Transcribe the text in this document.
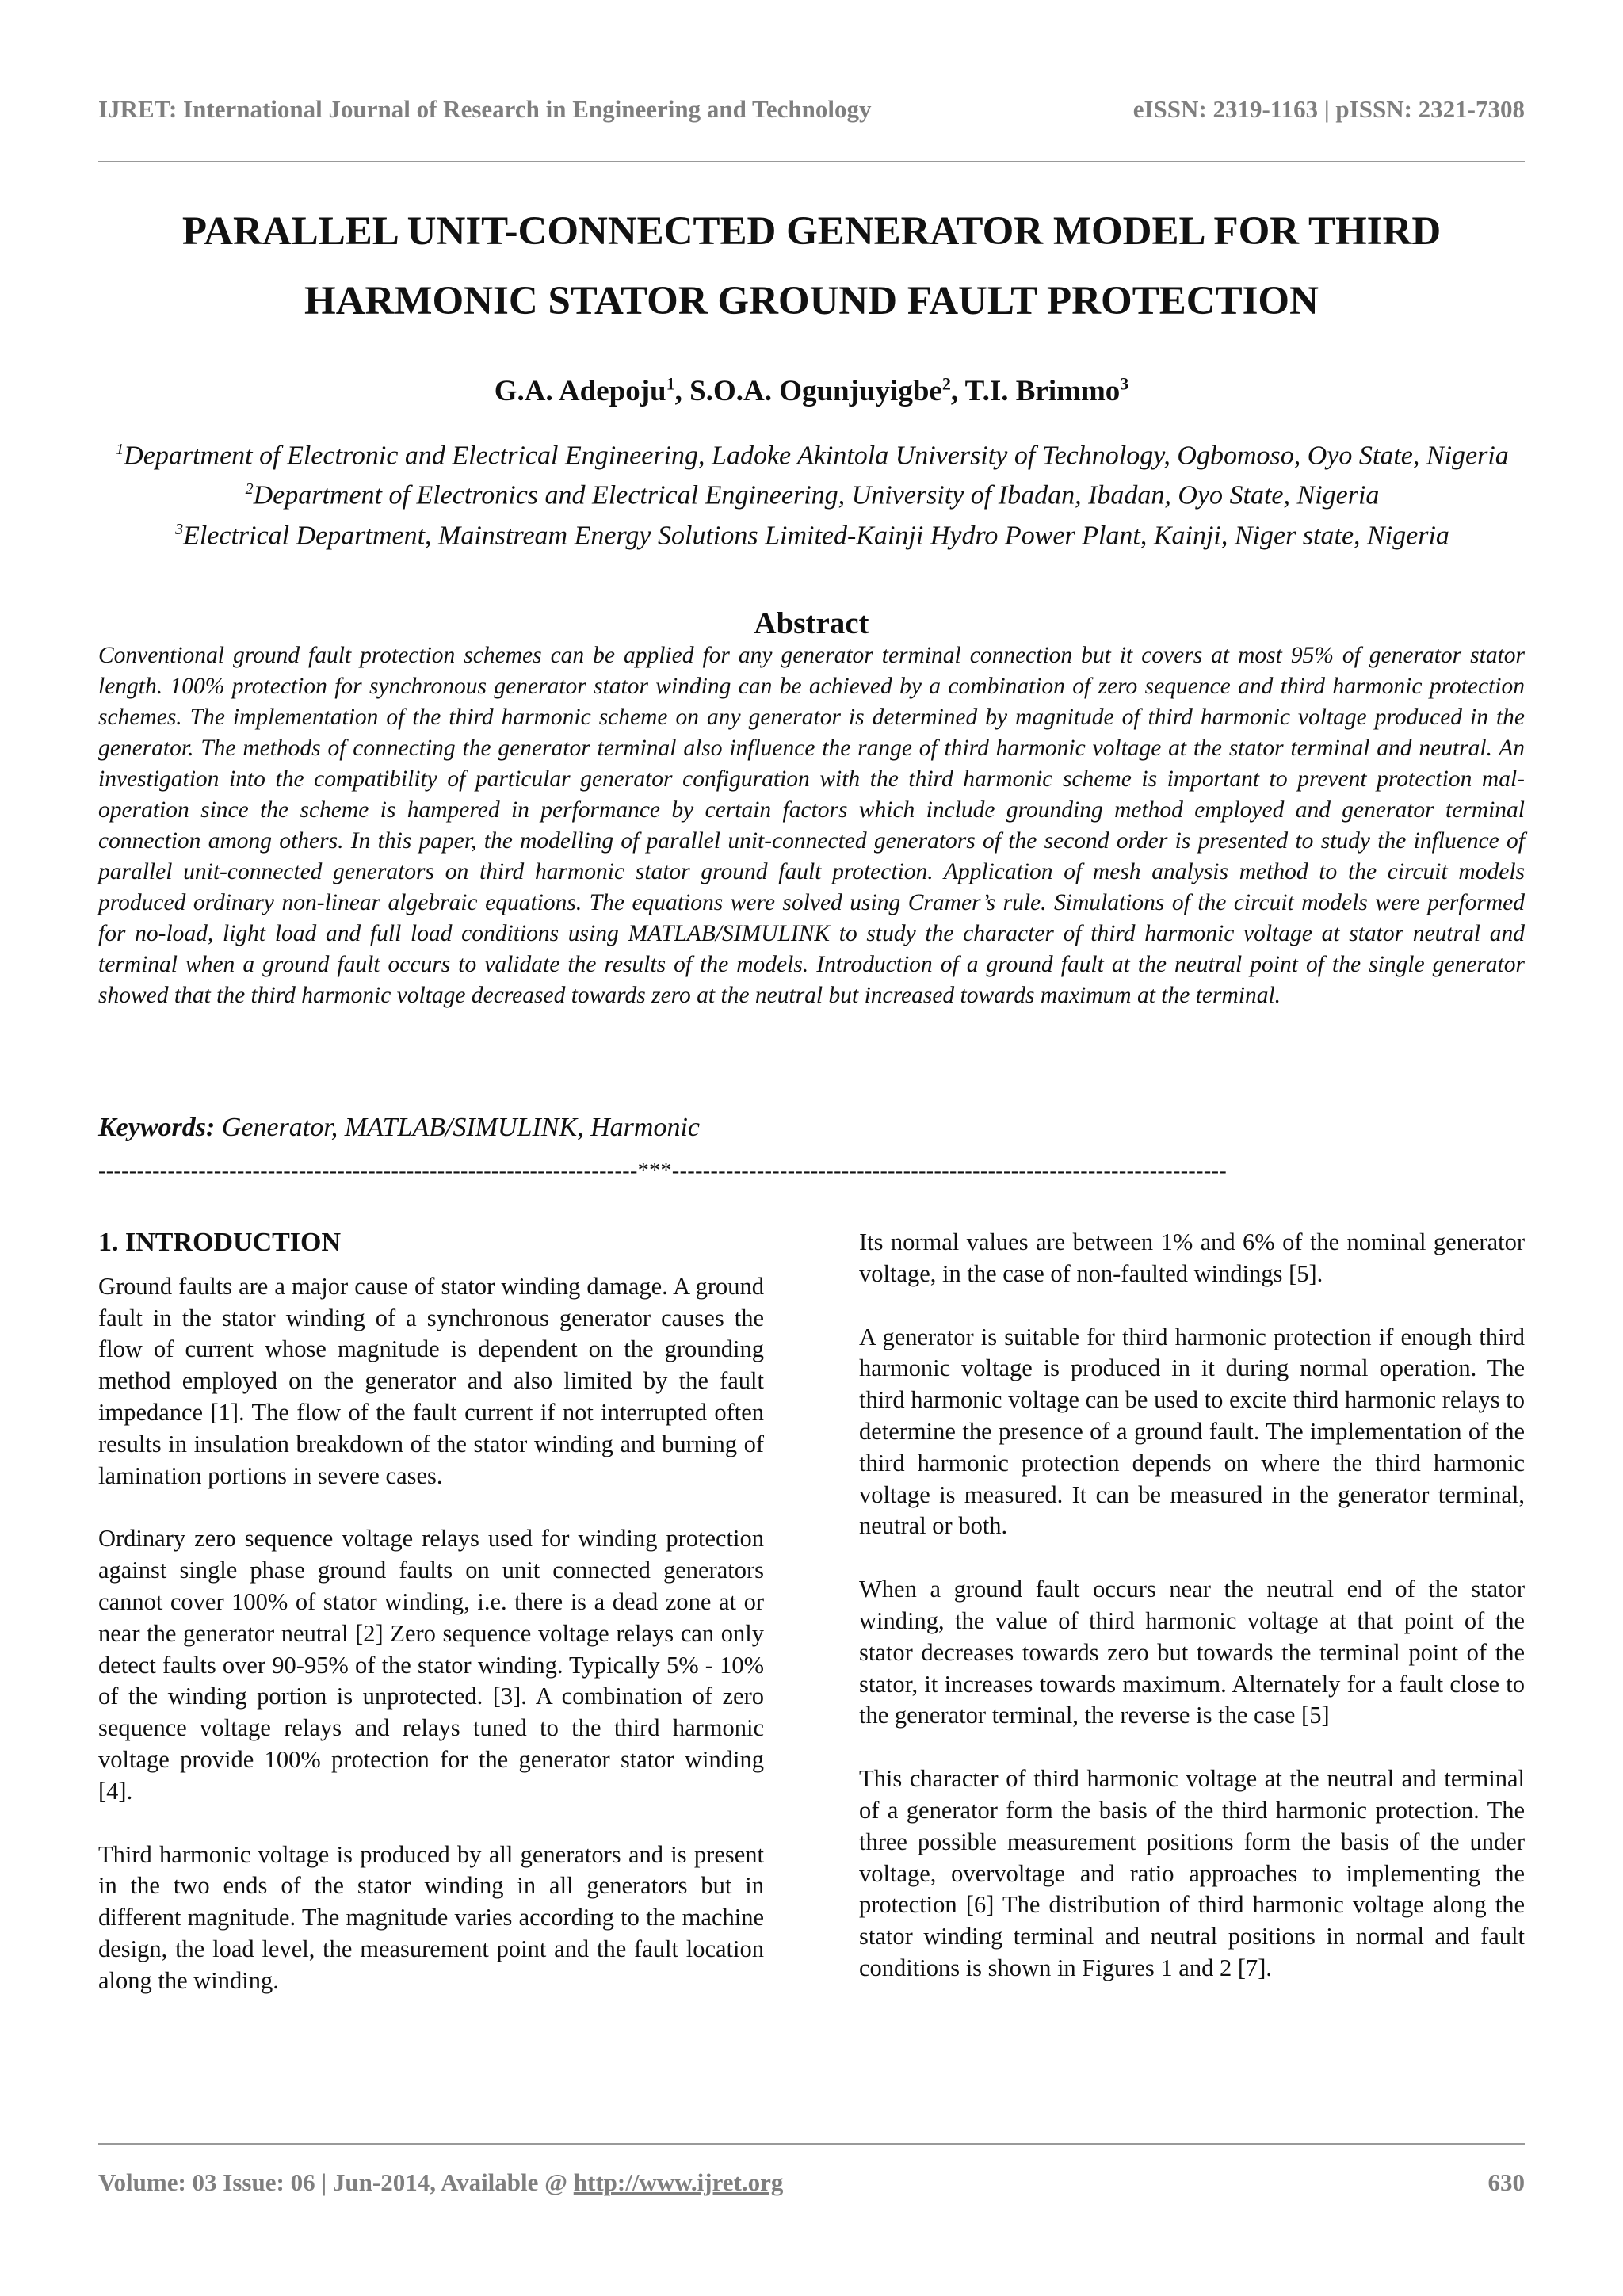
IJRET: International Journal of Research in Engineering and Technology	eISSN: 2319-1163 | pISSN: 2321-7308
PARALLEL UNIT-CONNECTED GENERATOR MODEL FOR THIRD
HARMONIC STATOR GROUND FAULT PROTECTION
G.A. Adepoju$^1$, S.O.A. Ogunjuyigbe$^2$, T.I. Brimmo$^3$

$^1$Department of Electronic and Electrical Engineering, Ladoke Akintola University of Technology, Ogbomoso, Oyo State, Nigeria

$^2$Department of Electronics and Electrical Engineering, University of Ibadan, Ibadan, Oyo State, Nigeria

$^3$Electrical Department, Mainstream Energy Solutions Limited-Kainji Hydro Power Plant, Kainji, Niger state, Nigeria

Abstract

Conventional ground fault protection schemes can be applied for any generator terminal connection but it covers at most 95% of generator stator length. 100% protection for synchronous generator stator winding can be achieved by a combination of zero sequence and third harmonic protection schemes. The implementation of the third harmonic scheme on any generator is determined by magnitude of third harmonic voltage produced in the generator. The methods of connecting the generator terminal also influence the range of third harmonic voltage at the stator terminal and neutral. An investigation into the compatibility of particular generator configuration with the third harmonic scheme is important to prevent protection mal-operation since the scheme is hampered in performance by certain factors which include grounding method employed and generator terminal connection among others. In this paper, the modelling of parallel unit-connected generators of the second order is presented to study the influence of parallel unit-connected generators on third harmonic stator ground fault protection. Application of mesh analysis method to the circuit models produced ordinary non-linear algebraic equations. The equations were solved using Cramer’s rule. Simulations of the circuit models were performed for no-load, light load and full load conditions using MATLAB/SIMULINK to study the character of third harmonic voltage at stator neutral and terminal when a ground fault occurs to validate the results of the models. Introduction of a ground fault at the neutral point of the single generator showed that the third harmonic voltage decreased towards zero at the neutral but increased towards maximum at the terminal.

Keywords: Generator, MATLAB/SIMULINK, Harmonic
----------------------------------------------------------------------***------------------------------------------------------------------------
1. INTRODUCTION

Ground faults are a major cause of stator winding damage. A ground fault in the stator winding of a synchronous generator causes the flow of current whose magnitude is dependent on the grounding method employed on the generator and also limited by the fault impedance [1]. The flow of the fault current if not interrupted often results in insulation breakdown of the stator winding and burning of lamination portions in severe cases.

Ordinary zero sequence voltage relays used for winding protection against single phase ground faults on unit connected generators cannot cover 100% of stator winding, i.e. there is a dead zone at or near the generator neutral [2] Zero sequence voltage relays can only detect faults over 90-95% of the stator winding. Typically 5% - 10% of the winding portion is unprotected. [3]. A combination of zero sequence voltage relays and relays tuned to the third harmonic voltage provide 100% protection for the generator stator winding [4].

Third harmonic voltage is produced by all generators and is present in the two ends of the stator winding in all generators but in different magnitude. The magnitude varies according to the machine design, the load level, the measurement point and the fault location along the winding.

Its normal values are between 1% and 6% of the nominal generator voltage, in the case of non-faulted windings [5].

A generator is suitable for third harmonic protection if enough third harmonic voltage is produced in it during normal operation. The third harmonic voltage can be used to excite third harmonic relays to determine the presence of a ground fault. The implementation of the third harmonic protection depends on where the third harmonic voltage is measured. It can be measured in the generator terminal, neutral or both.

When a ground fault occurs near the neutral end of the stator winding, the value of third harmonic voltage at that point of the stator decreases towards zero but towards the terminal point of the stator, it increases towards maximum. Alternately for a fault close to the generator terminal, the reverse is the case [5]

This character of third harmonic voltage at the neutral and terminal of a generator form the basis of the third harmonic protection. The three possible measurement positions form the basis of the under voltage, overvoltage and ratio approaches to implementing the protection [6] The distribution of third harmonic voltage along the stator winding terminal and neutral positions in normal and fault conditions is shown in Figures 1 and 2 [7].

Volume: 03 Issue: 06 | Jun-2014, Available @ http://www.ijret.org	630
